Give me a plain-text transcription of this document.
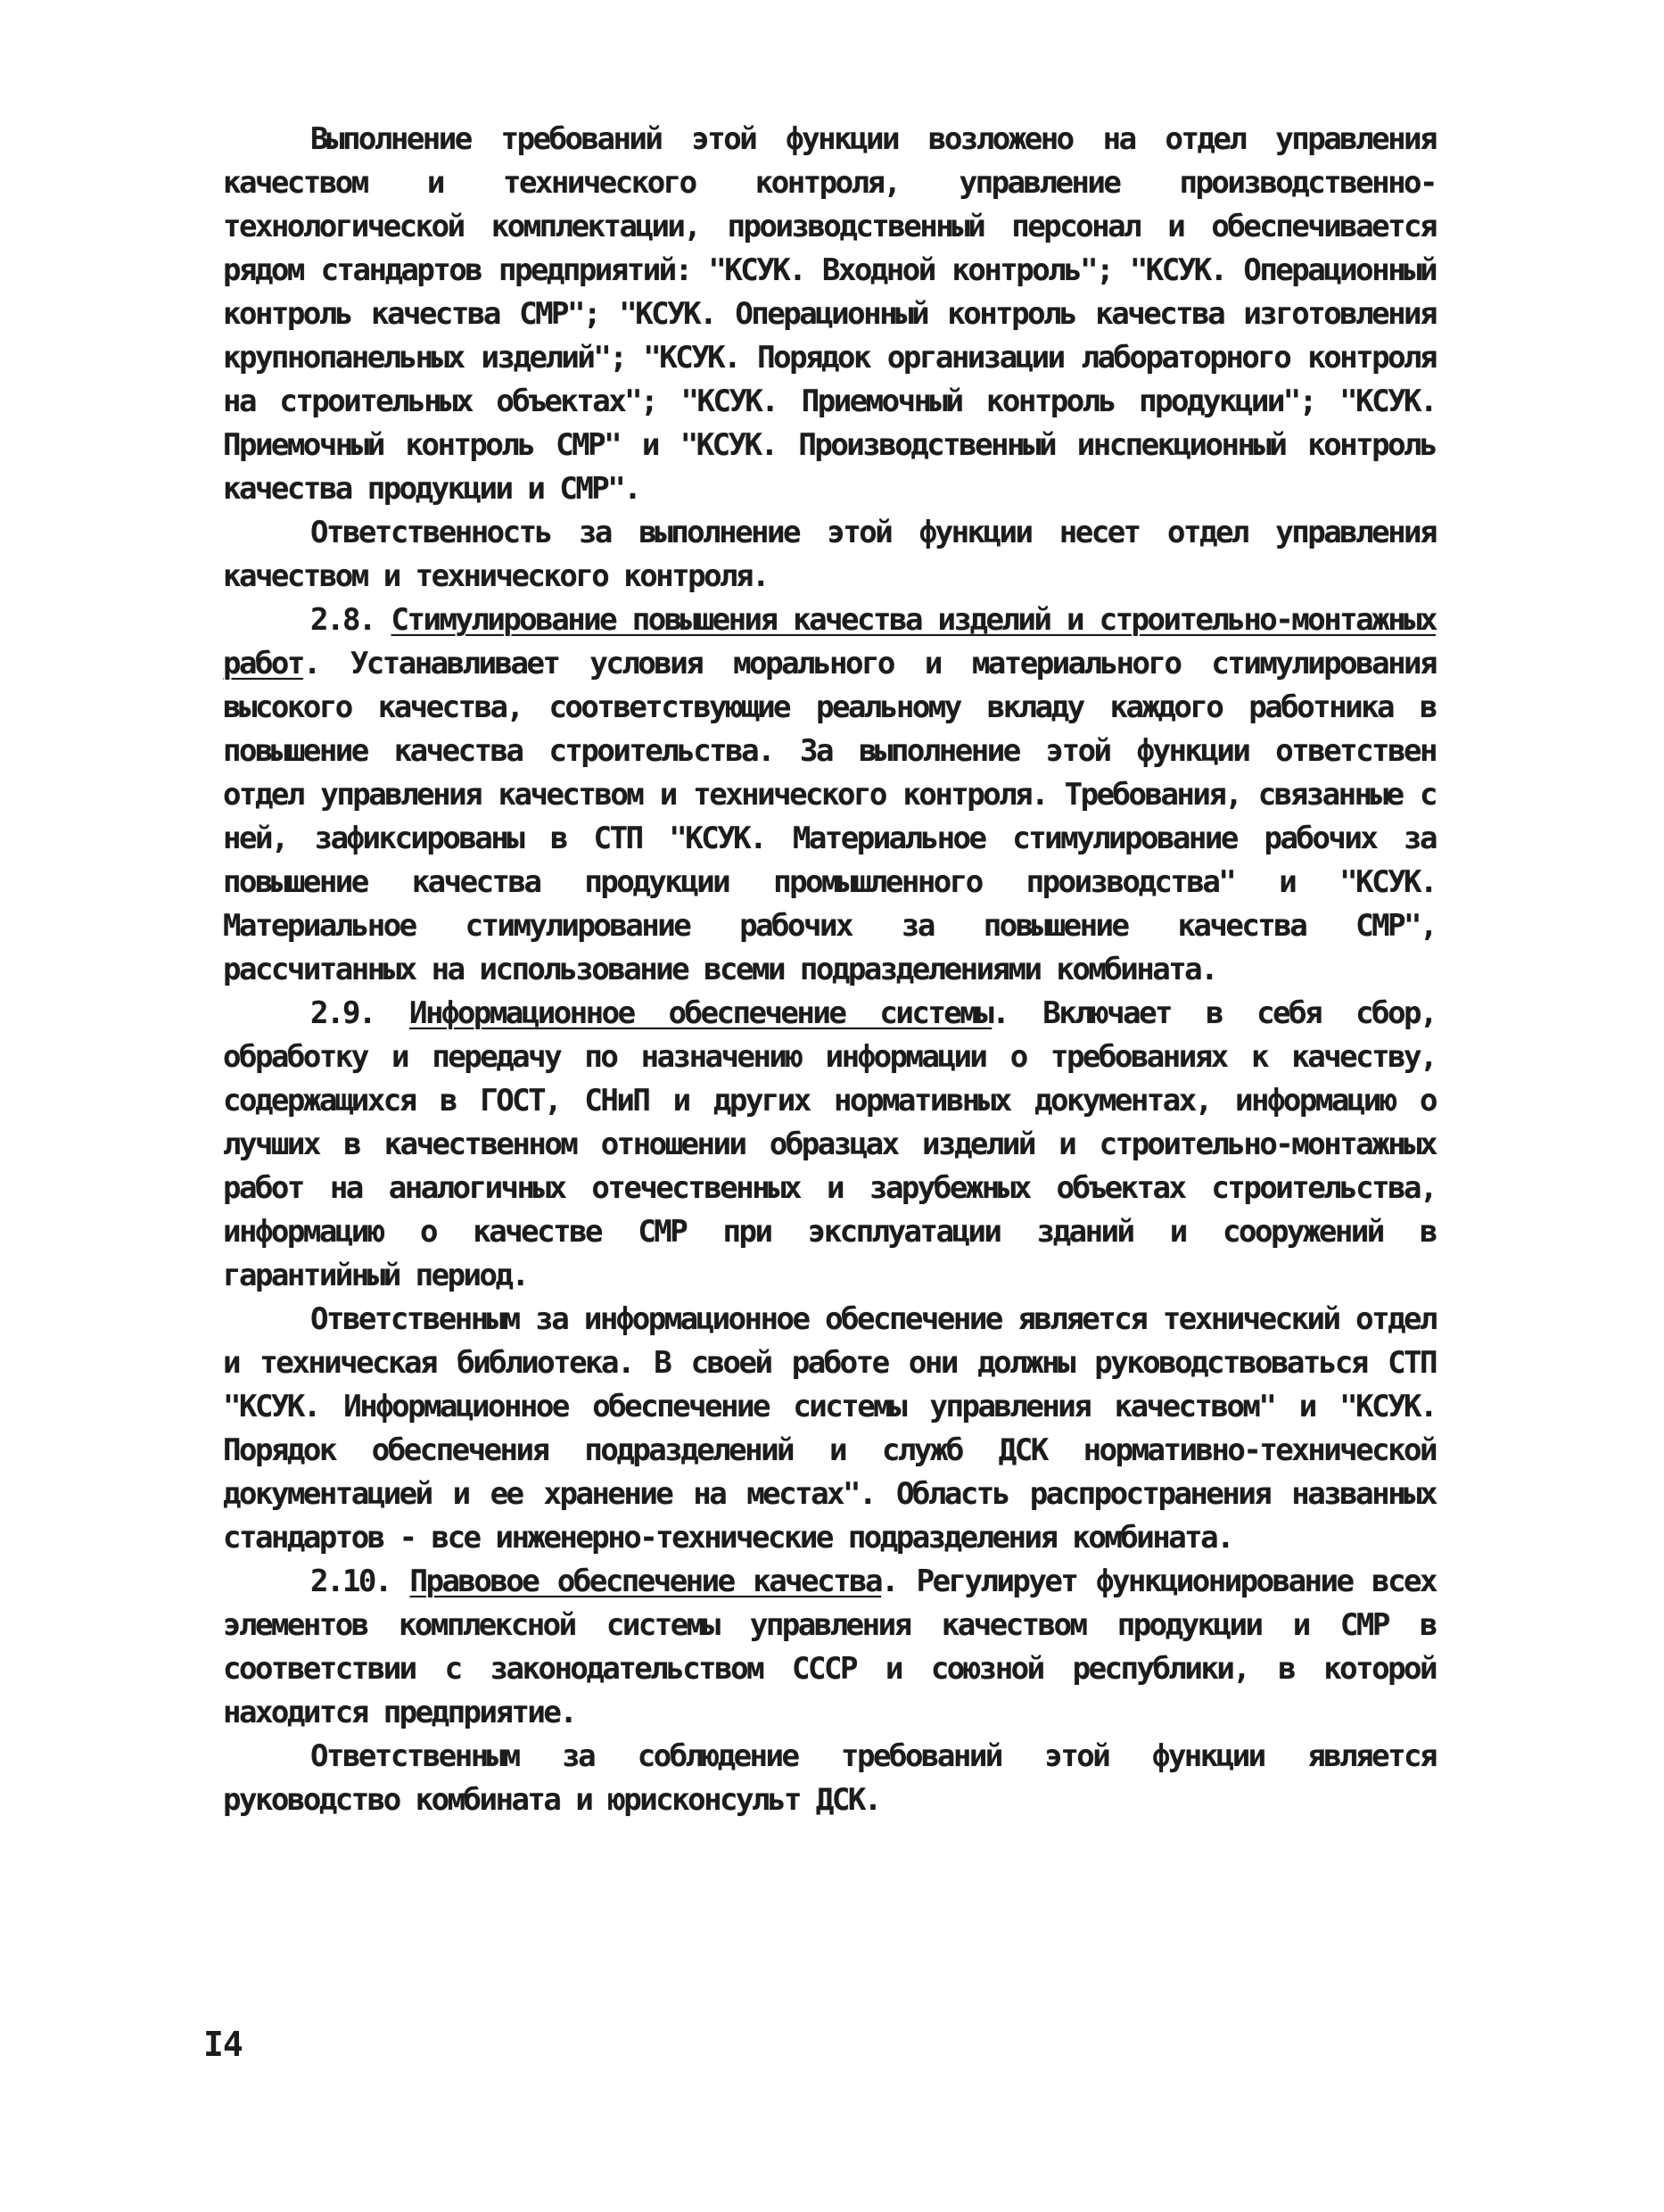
Выполнение требований этой функции возложено на отдел управления качеством и технического контроля, управление производственно-технологической комплектации, производственный персонал и обеспечивается рядом стандартов предприятий: "КСУК. Входной контроль"; "КСУК. Операционный контроль качества СМР"; "КСУК. Операционный контроль качества изготовления крупнопанельных изделий"; "КСУК. Порядок организации лабораторного контроля на строительных объектах"; "КСУК. Приемочный контроль продукции"; "КСУК. Приемочный контроль СМР" и "КСУК. Производственный инспекционный контроль качества продукции и СМР".

Ответственность за выполнение этой функции несет отдел управления качеством и технического контроля.

2.8. Стимулирование повышения качества изделий и строительно-монтажных работ. Устанавливает условия морального и материального стимулирования высокого качества, соответствующие реальному вкладу каждого работника в повышение качества строительства. За выполнение этой функции ответствен отдел управления качеством и технического контроля. Требования, связанные с ней, зафиксированы в СТП "КСУК. Материальное стимулирование рабочих за повышение качества продукции промышленного производства" и "КСУК. Материальное стимулирование рабочих за повышение качества СМР", рассчитанных на использование всеми подразделениями комбината.

2.9. Информационное обеспечение системы. Включает в себя сбор, обработку и передачу по назначению информации о требованиях к качеству, содержащихся в ГОСТ, СНиП и других нормативных документах, информацию о лучших в качественном отношении образцах изделий и строительно-монтажных работ на аналогичных отечественных и зарубежных объектах строительства, информацию о качестве СМР при эксплуатации зданий и сооружений в гарантийный период.

Ответственным за информационное обеспечение является технический отдел и техническая библиотека. В своей работе они должны руководствоваться СТП "КСУК. Информационное обеспечение системы управления качеством" и "КСУК. Порядок обеспечения подразделений и служб ДСК нормативно-технической документацией и ее хранение на местах". Область распространения названных стандартов - все инженерно-технические подразделения комбината.

2.10. Правовое обеспечение качества. Регулирует функционирование всех элементов комплексной системы управления качеством продукции и СМР в соответствии с законодательством СССР и союзной республики, в которой находится предприятие.

Ответственным за соблюдение требований этой функции является руководство комбината и юрисконсульт ДСК.

I4
